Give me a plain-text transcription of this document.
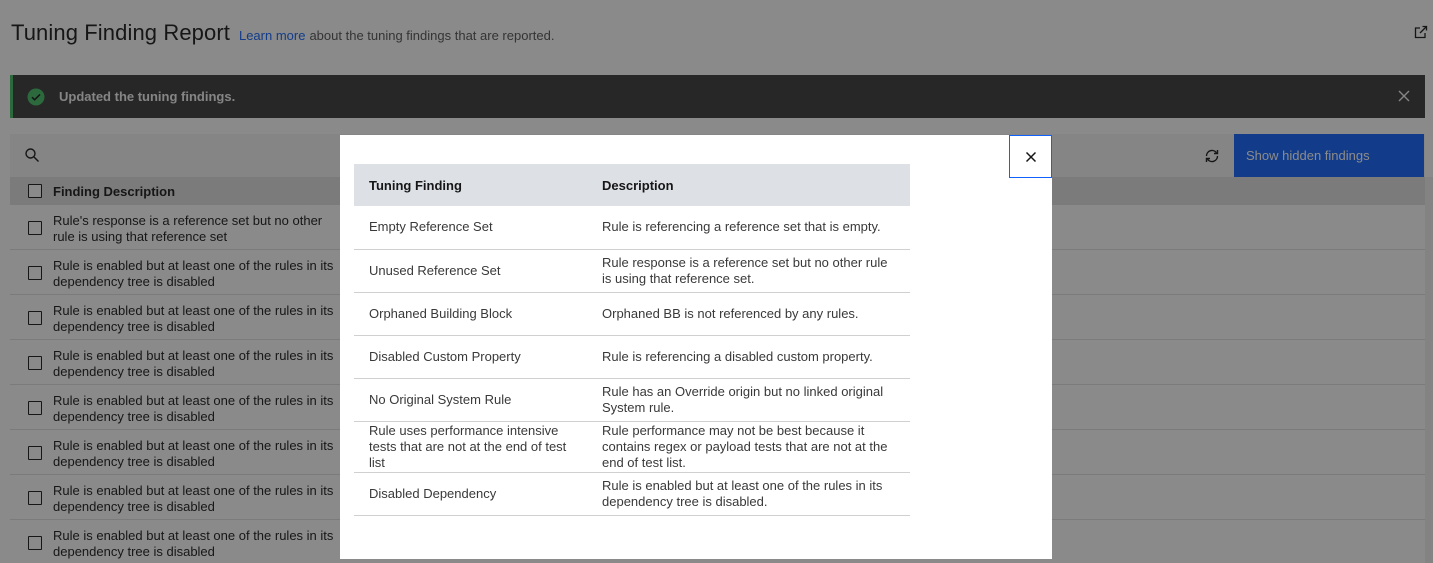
Tuning Finding	Description
Empty Reference Set	Rule is referencing a reference set that is empty.
Unused Reference Set	Rule response is a reference set but no other rule is using that reference set.
Orphaned Building Block	Orphaned BB is not referenced by any rules.
Disabled Custom Property	Rule is referencing a disabled custom property.
No Original System Rule	Rule has an Override origin but no linked original System rule.
Rule uses performance intensive tests that are not at the end of test list	Rule performance may not be best because it contains regex or payload tests that are not at the end of test list.
Disabled Dependency	Rule is enabled but at least one of the rules in its dependency tree is disabled.
